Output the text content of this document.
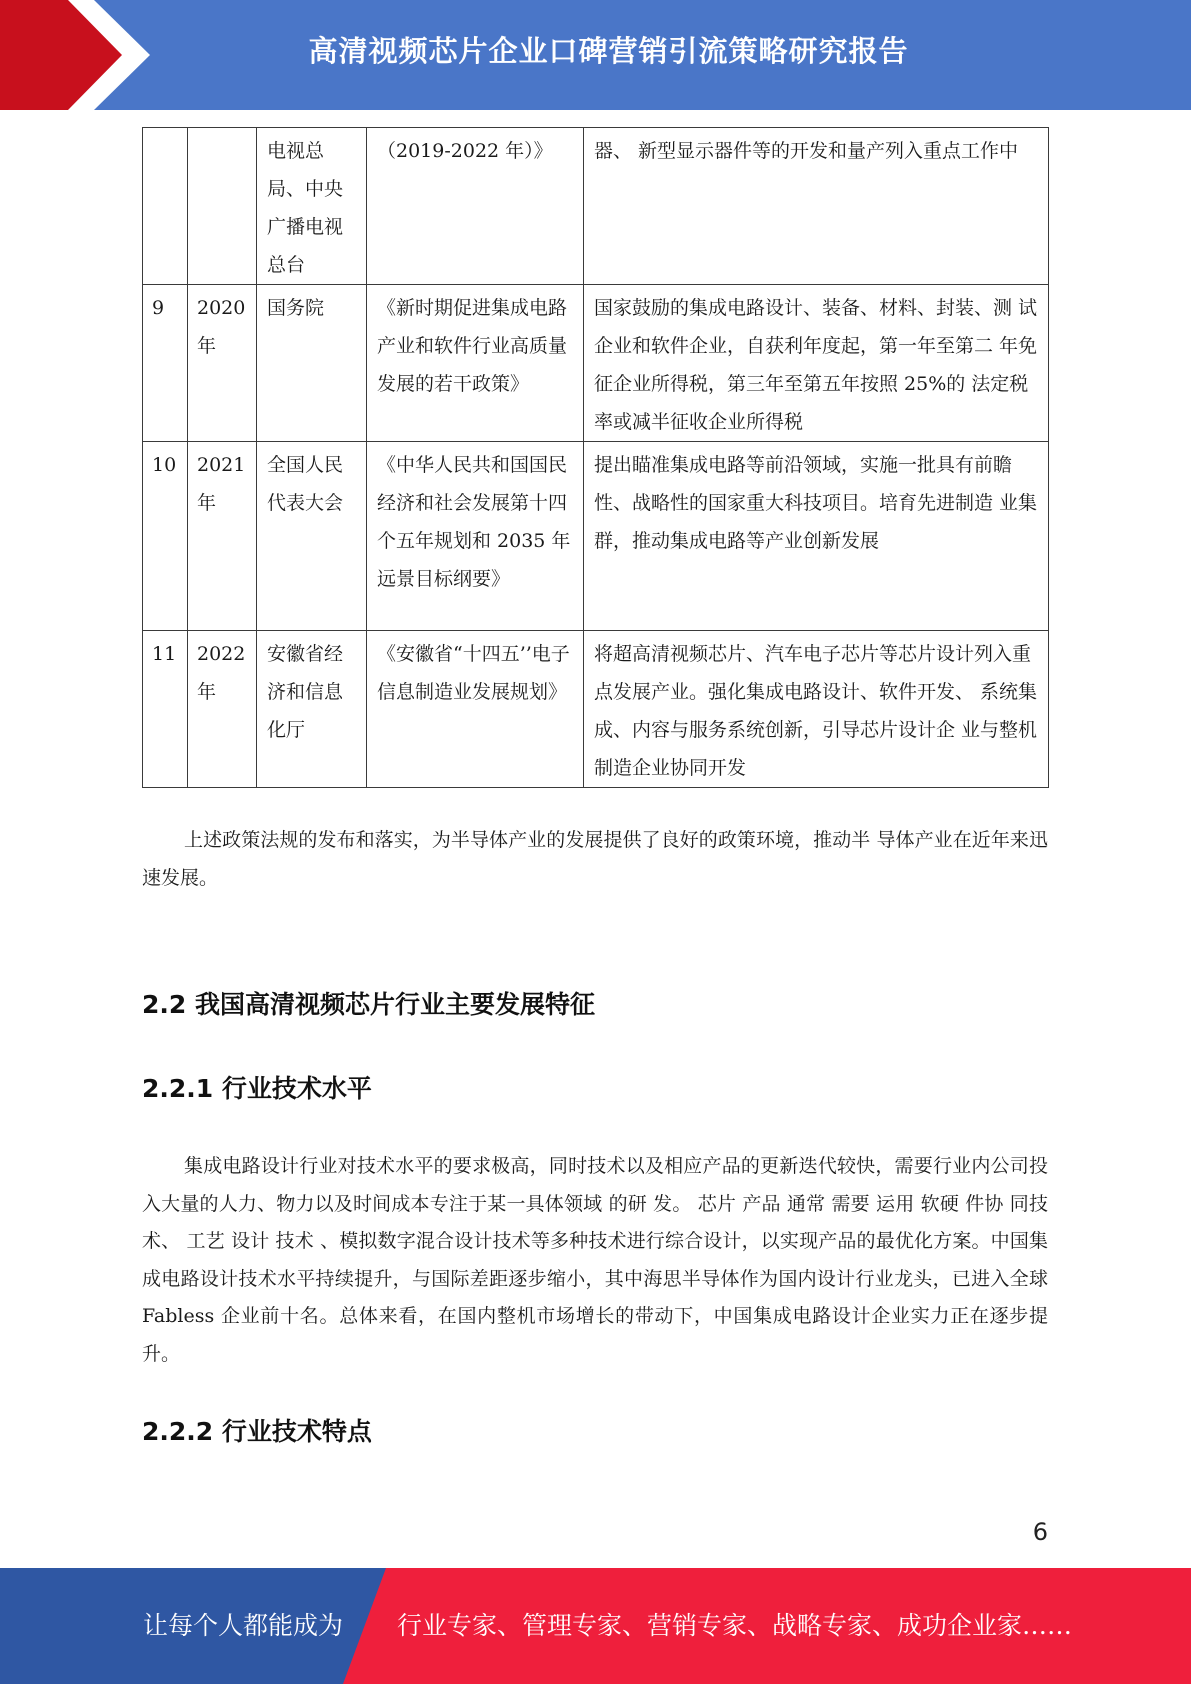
高清视频芯片企业口碑营销引流策略研究报告
		电视总局、中央广播电视总台	（2019-2022 年）》	器、 新型显示器件等的开发和量产列入重点工作中
9	2020年	国务院	《新时期促进集成电路产业和软件行业高质量发展的若干政策》	国家鼓励的集成电路设计、装备、材料、封装、测 试企业和软件企业，自获利年度起，第一年至第二 年免征企业所得税，第三年至第五年按照 25%的 法定税率或减半征收企业所得税
10	2021年	全国人民代表大会	《中华人民共和国国民经济和社会发展第十四个五年规划和 2035 年远景目标纲要》	提出瞄准集成电路等前沿领域，实施一批具有前瞻性、战略性的国家重大科技项目。培育先进制造 业集群，推动集成电路等产业创新发展
11	2022年	安徽省经济和信息化厅	《安徽省“十四五’’电子信息制造业发展规划》	将超高清视频芯片、汽车电子芯片等芯片设计列入重点发展产业。强化集成电路设计、软件开发、 系统集成、内容与服务系统创新，引导芯片设计企 业与整机制造企业协同开发

上述政策法规的发布和落实，为半导体产业的发展提供了良好的政策环境，推动半 导体产业在近年来迅速发展。

2.2 我国高清视频芯片行业主要发展特征
2.2.1 行业技术水平

集成电路设计行业对技术水平的要求极高，同时技术以及相应产品的更新迭代较快，需要行业内公司投入大量的人力、物力以及时间成本专注于某一具体领域 的研 发。 芯片 产品 通常 需要 运用 软硬 件协 同技 术、 工艺 设计 技术 、模拟数字混合设计技术等多种技术进行综合设计，以实现产品的最优化方案。中国集成电路设计技术水平持续提升，与国际差距逐步缩小，其中海思半导体作为国内设计行业龙头，已进入全球 Fabless 企业前十名。总体来看，在国内整机市场增长的带动下，中国集成电路设计企业实力正在逐步提升。

2.2.2 行业技术特点
6
让每个人都能成为 行业专家、管理专家、营销专家、战略专家、成功企业家……
